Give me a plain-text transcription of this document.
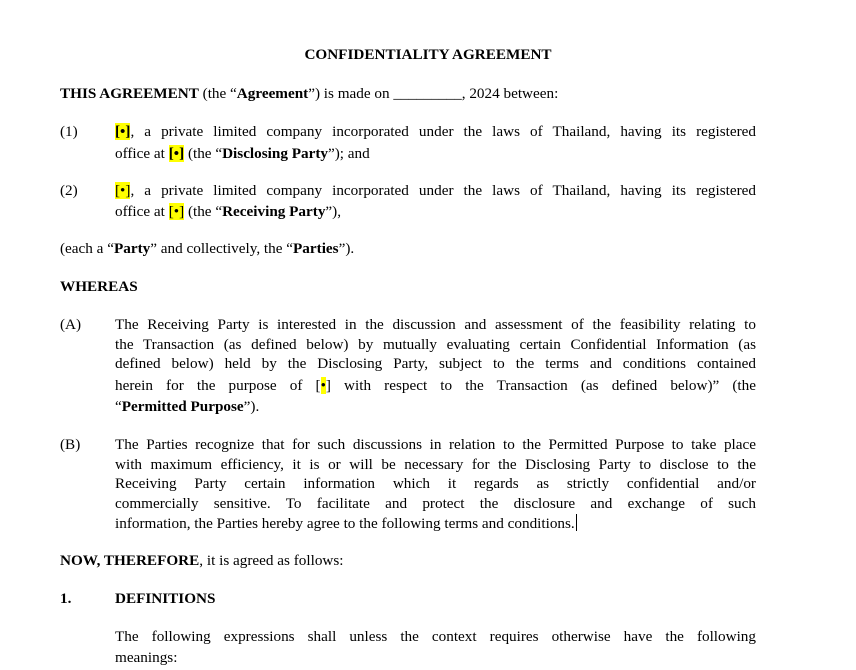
CONFIDENTIALITY AGREEMENT
THIS AGREEMENT (the “Agreement”) is made on _________, 2024 between:
(1) [•], a private limited company incorporated under the laws of Thailand, having its registered
office at [•] (the “Disclosing Party”); and
(2) [•], a private limited company incorporated under the laws of Thailand, having its registered
office at [•] (the “Receiving Party”),
(each a “Party” and collectively, the “Parties”).
WHEREAS
(A) The Receiving Party is interested in the discussion and assessment of the feasibility relating to
the Transaction (as defined below) by mutually evaluating certain Confidential Information (as
defined below) held by the Disclosing Party, subject to the terms and conditions contained
herein for the purpose of [•] with respect to the Transaction (as defined below)” (the
“Permitted Purpose”).
(B) The Parties recognize that for such discussions in relation to the Permitted Purpose to take place
with maximum efficiency, it is or will be necessary for the Disclosing Party to disclose to the
Receiving Party certain information which it regards as strictly confidential and/or
commercially sensitive. To facilitate and protect the disclosure and exchange of such
information, the Parties hereby agree to the following terms and conditions.
NOW, THEREFORE, it is agreed as follows:
1.	DEFINITIONS
The following expressions shall unless the context requires otherwise have the following
meanings:
